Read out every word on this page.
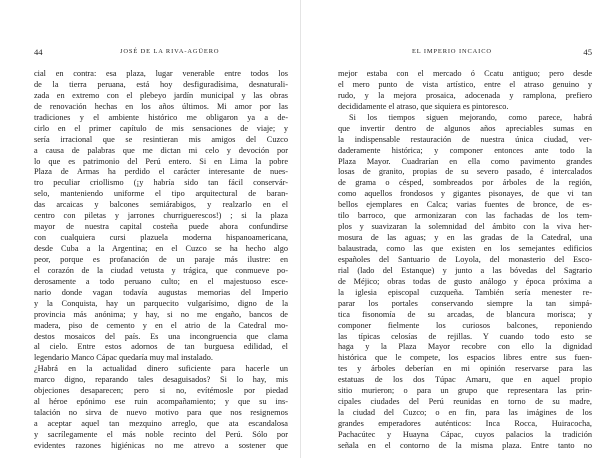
44	JOSÉ DE LA RIVA-AGÜERO
cial en contra: esa plaza, lugar venerable entre todos los
de la tierra peruana, está hoy desfiguradísima, desnaturali-
zada en extremo con el plebeyo jardín municipal y las obras
de renovación hechas en los años últimos. Mi amor por las
tradiciones y el ambiente histórico me obligaron ya a de-
cirlo en el primer capítulo de mis sensaciones de viaje; y
sería irracional que se resintieran mis amigos del Cuzco
a causa de palabras que me dictan mi celo y devoción por
lo que es patrimonio del Perú entero. Si en Lima la pobre
Plaza de Armas ha perdido el carácter interesante de nues-
tro peculiar criollismo (¡y habría sido tan fácil conservár-
selo, manteniendo uniforme el tipo arquitectural de baran-
das arcaicas y balcones semiárabigos, y realzarlo en el
centro con piletas y jarrones churriguerescos!) ; si la plaza
mayor de nuestra capital costeña puede ahora confundirse
con cualquiera cursi plazuela moderna hispanoamericana,
desde Cuba a la Argentina; en el Cuzco se ha hecho algo
peor, porque es profanación de un paraje más ilustre: en
el corazón de la ciudad vetusta y trágica, que conmueve po-
derosamente a todo peruano culto; en el majestuoso esce-
nario donde vagan todavía augustas memorias del Imperio
y la Conquista, hay un parquecito vulgarísimo, digno de la
provincia más anónima; y hay, si no me engaño, bancos de
madera, piso de cemento y en el atrio de la Catedral mo-
destos mosaicos del país. Es una incongruencia que clama
al cielo. Entre estos adornos de tan burguesa edilidad, el
legendario Manco Cápac quedaría muy mal instalado.
¿Habrá en la actualidad dinero suficiente para hacerle un
marco digno, reparando tales desaguisados? Si lo hay, mis
objeciones desaparecen; pero si no, evítémosle por piedad
al héroe epónimo ese ruin acompañamiento; y que su ins-
talación no sirva de nuevo motivo para que nos resignemos
a aceptar aquel tan mezquino arreglo, que ata escandalosa
y sacrílegamente el más noble recinto del Perú. Sólo por
evidentes razones higiénicas no me atrevo a sostener que
EL IMPERIO INCAICO	45
mejor estaba con el mercado ó Ccatu antiguo; pero desde
el mero punto de vista artístico, entre el atraso genuino y
rudo, y la mejora prosaica, adocenada y ramplona, prefiero
decididamente el atraso, que siquiera es pintoresco.
Si los tiempos siguen mejorando, como parece, habrá
que invertir dentro de algunos años apreciables sumas en
la indispensable restauración de nuestra única ciudad, ver-
daderamente histórica; y componer entonces ante todo la
Plaza Mayor. Cuadrarían en ella como pavimento grandes
losas de granito, propias de su severo pasado, é intercalados
de grama o césped, sombreados por árboles de la región,
como aquellos frondosos y gigantes pisonayes, de que vi tan
bellos ejemplares en Calca; varias fuentes de bronce, de es-
tilo barroco, que armonizaran con las fachadas de los tem-
plos y suavizaran la solemnidad del ámbito con la viva her-
mosura de las aguas; y en las gradas de la Catedral, una
balaustrada, como las que existen en los semejantes edificios
españoles del Santuario de Loyola, del monasterio del Esco-
rial (lado del Estanque) y junto a las bóvedas del Sagrario
de Méjico; obras todas de gusto análogo y época próxima a
la iglesia episcopal cuzqueña. También sería menester re-
parar los portales conservando siempre la tan simpá-
tica fisonomía de su arcadas, de blancura morisca; y
componer fielmente los curiosos balcones, reponiendo
las típicas celosías de rejillas. Y cuando todo esto se
haga y la Plaza Mayor recobre con ello la dignidad
histórica que le compete, los espacios libres entre sus fuen-
tes y árboles deberían en mi opinión reservarse para las
estatuas de los dos Túpac Amaru, que en aquel propio
sitio murieron; o para un grupo que representara las prin-
cipales ciudades del Perú reunidas en torno de su madre,
la ciudad del Cuzco; o en fin, para las imágines de los
grandes emperadores auténticos: Inca Rocca, Huiracocha,
Pachacútec y Huayna Cápac, cuyos palacios la tradición
señala en el contorno de la misma plaza. Entre tanto no
